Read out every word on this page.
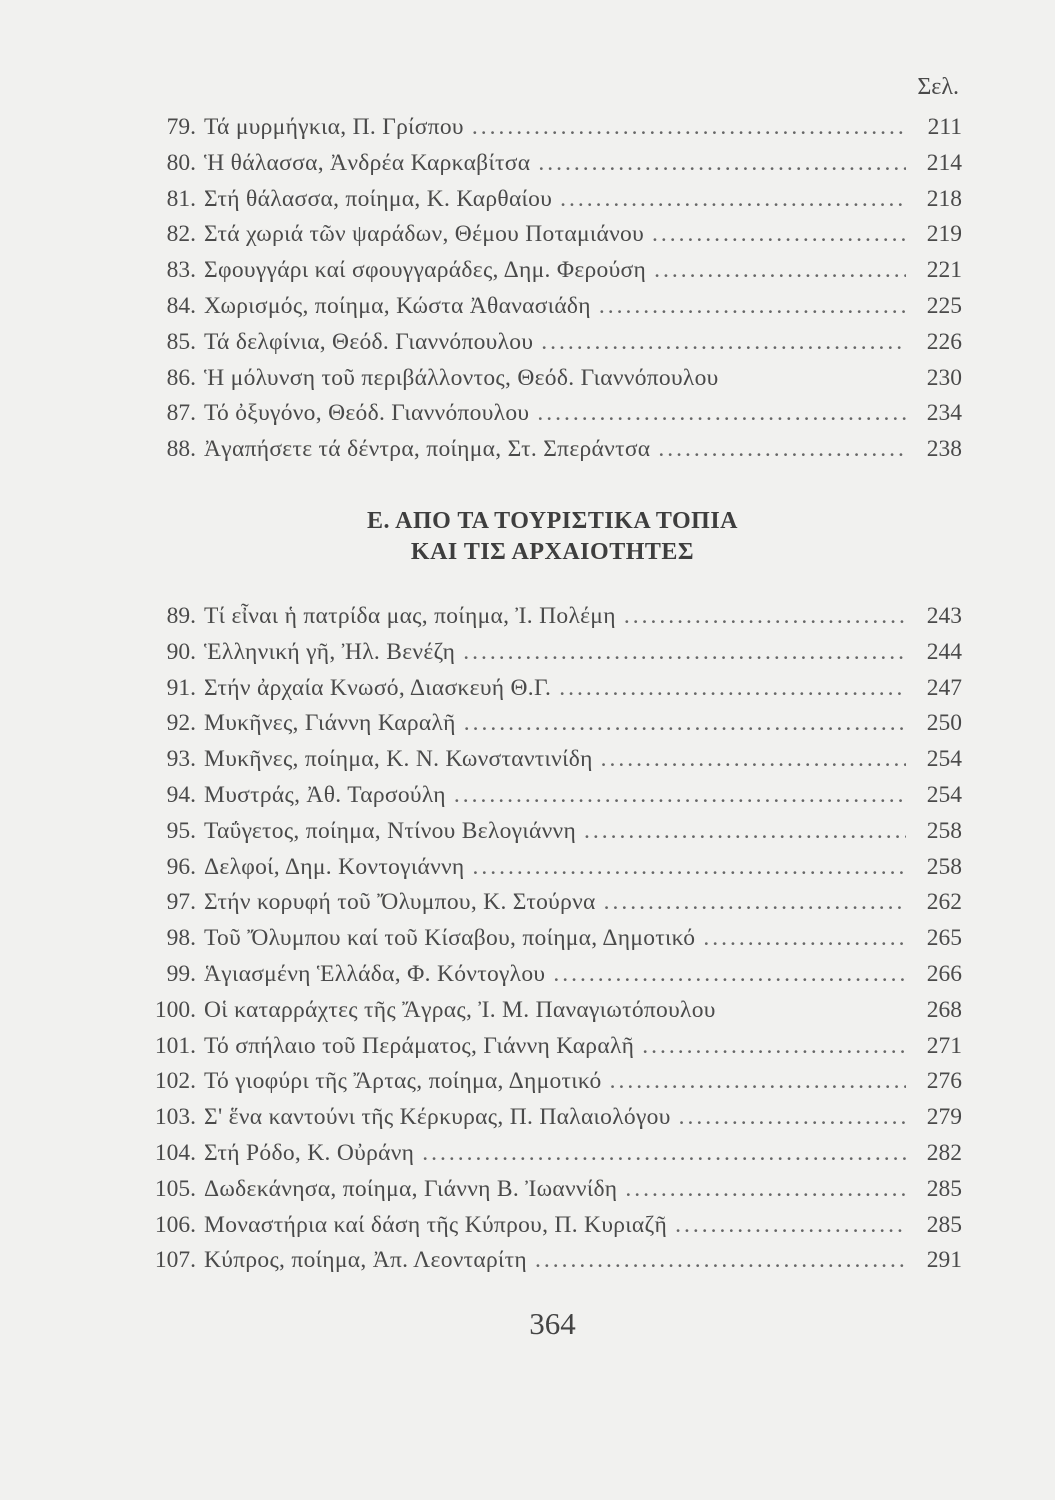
Σελ.
79. Τά μυρμήγκια, Π. Γρίσπου .....	211
80. Ἡ θάλασσα, Ἀνδρέα Καρκαβίτσα .....	214
81. Στή θάλασσα, ποίημα, Κ. Καρθαίου .....	218
82. Στά χωριά τῶν ψαράδων, Θέμου Ποταμιάνου .....	219
83. Σφουγγάρι καί σφουγγαράδες, Δημ. Φερούση .....	221
84. Χωρισμός, ποίημα, Κώστα Ἀθανασιάδη .....	225
85. Τά δελφίνια, Θεόδ. Γιαννόπουλου .....	226
86. Ἡ μόλυνση τοῦ περιβάλλοντος, Θεόδ. Γιαννόπουλου	230
87. Τό ὀξυγόνο, Θεόδ. Γιαννόπουλου .....	234
88. Ἀγαπήσετε τά δέντρα, ποίημα, Στ. Σπεράντσα .....	238
Ε. ΑΠΟ ΤΑ ΤΟΥΡΙΣΤΙΚΑ ΤΟΠΙΑ
ΚΑΙ ΤΙΣ ΑΡΧΑΙΟΤΗΤΕΣ
89. Τί εἶναι ἡ πατρίδα μας, ποίημα, Ἰ. Πολέμη .....	243
90. Ἑλληνική γῆ, Ἠλ. Βενέζη .....	244
91. Στήν ἀρχαία Κνωσό, Διασκευή Θ.Γ. .....	247
92. Μυκῆνες, Γιάννη Καραλῆ .....	250
93. Μυκῆνες, ποίημα, Κ. Ν. Κωνσταντινίδη .....	254
94. Μυστράς, Ἀθ. Ταρσούλη .....	254
95. Ταΰγετος, ποίημα, Ντίνου Βελογιάννη .....	258
96. Δελφοί, Δημ. Κοντογιάννη .....	258
97. Στήν κορυφή τοῦ Ὄλυμπου, Κ. Στούρνα .....	262
98. Τοῦ Ὄλυμπου καί τοῦ Κίσαβου, ποίημα, Δημοτικό .....	265
99. Ἁγιασμένη Ἑλλάδα, Φ. Κόντογλου .....	266
100. Οἱ καταρράχτες τῆς Ἄγρας, Ἰ. Μ. Παναγιωτόπουλου	268
101. Τό σπήλαιο τοῦ Περάματος, Γιάννη Καραλῆ .....	271
102. Τό γιοφύρι τῆς Ἄρτας, ποίημα, Δημοτικό .....	276
103. Σ' ἕνα καντούνι τῆς Κέρκυρας, Π. Παλαιολόγου .....	279
104. Στή Ρόδο, Κ. Οὐράνη .....	282
105. Δωδεκάνησα, ποίημα, Γιάννη Β. Ἰωαννίδη .....	285
106. Μοναστήρια καί δάση τῆς Κύπρου, Π. Κυριαζῆ .....	285
107. Κύπρος, ποίημα, Ἀπ. Λεονταρίτη .....	291
364
